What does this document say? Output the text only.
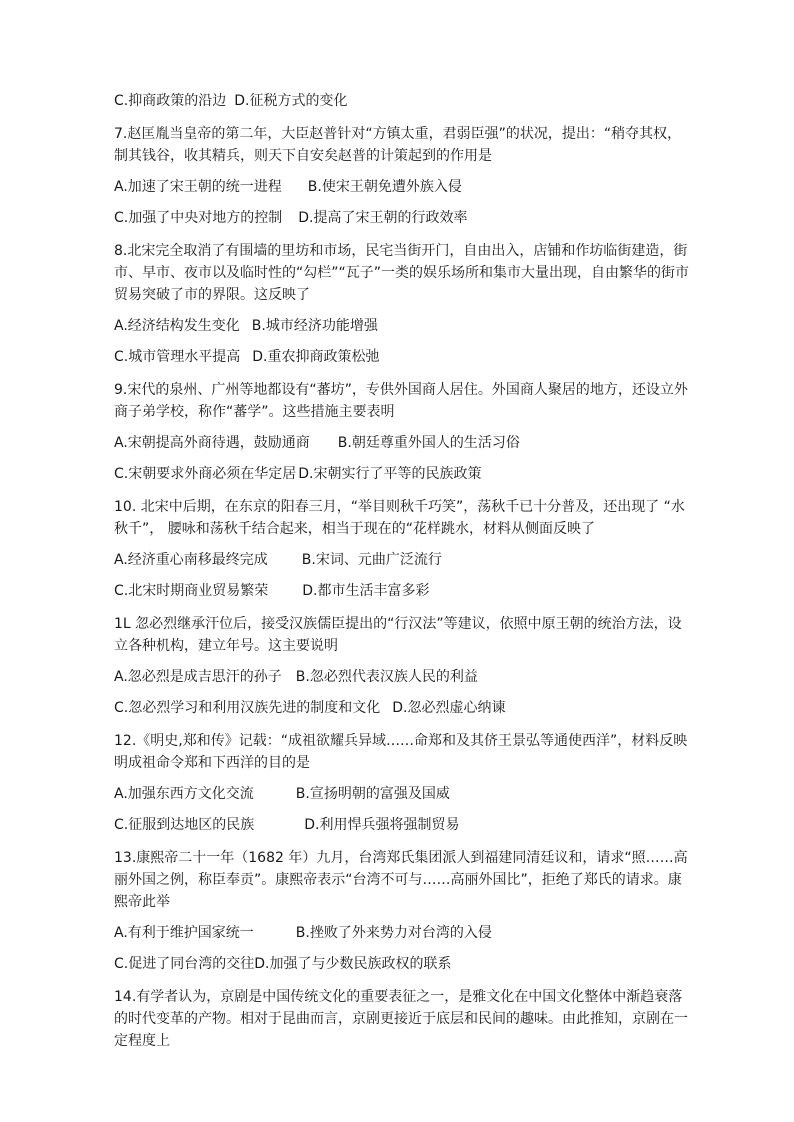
C.抑商政策的沿边 D.征税方式的变化

7.赵匡胤当皇帝的第二年，大臣赵普针对“方镇太重，君弱臣强”的状况，提出：“稍夺其权，制其钱谷，收其精兵，则天下自安矣赵普的计策起到的作用是

A.加速了宋王朝的统一进程 B.使宋王朝免遭外族入侵

C.加强了中央对地方的控制 D.提高了宋王朝的行政效率

8.北宋完全取消了有围墙的里坊和市场，民宅当街开门，自由出入，店铺和作坊临街建造，街市、早市、夜市以及临时性的“勾栏”“瓦子”一类的娱乐场所和集市大量出现，自由繁华的街市贸易突破了市的界限。这反映了

A.经济结构发生变化 B.城市经济功能增强

C.城市管理水平提高 D.重农抑商政策松弛

9.宋代的泉州、广州等地都设有“蕃坊”，专供外国商人居住。外国商人聚居的地方，还设立外商子弟学校，称作“蕃学”。这些措施主要表明

A.宋朝提高外商待遇，鼓励通商 B.朝廷尊重外国人的生活习俗

C.宋朝要求外商必须在华定居 D.宋朝实行了平等的民族政策

10. 北宋中后期，在东京的阳春三月，“举目则秋千巧笑”，荡秋千已十分普及，还出现了 “水秋千”， 腰咏和荡秋千结合起来，相当于现在的“花样跳水，材料从侧面反映了

A.经济重心南移最终完成 B.宋词、元曲广泛流行

C.北宋时期商业贸易繁荣 D.都市生活丰富多彩

1L 忽必烈继承汗位后，接受汉族儒臣提出的“行汉法”等建议，依照中原王朝的统治方法，设立各种机构，建立年号。这主要说明

A.忽必烈是成吉思汗的孙子 B.忽必烈代表汉族人民的利益

C.忽必烈学习和利用汉族先进的制度和文化 D.忽必烈虚心纳谏

12.《明史,郑和传》记载：“成祖欲耀兵异域……命郑和及其侪王景弘等通使西洋”，材料反映明成祖命令郑和下西洋的目的是

A.加强东西方文化交流	B.宣扬明朝的富强及国威

C.征服到达地区的民族	D.利用悍兵强将强制贸易

13.康熙帝二十一年（1682 年）九月，台湾郑氏集团派人到福建同清廷议和，请求“照……高丽外国之例，称臣奉贡”。康熙帝表示“台湾不可与……高丽外国比”，拒绝了郑氏的请求。康熙帝此举

A.有利于维护国家统一	B.挫败了外来势力对台湾的入侵

C.促进了同台湾的交往D.加强了与少数民族政权的联系

14.有学者认为，京剧是中国传统文化的重要表征之一，是雅文化在中国文化整体中渐趋衰落的时代变革的产物。相对于昆曲而言，京剧更接近于底层和民间的趣味。由此推知，京剧在一定程度上
